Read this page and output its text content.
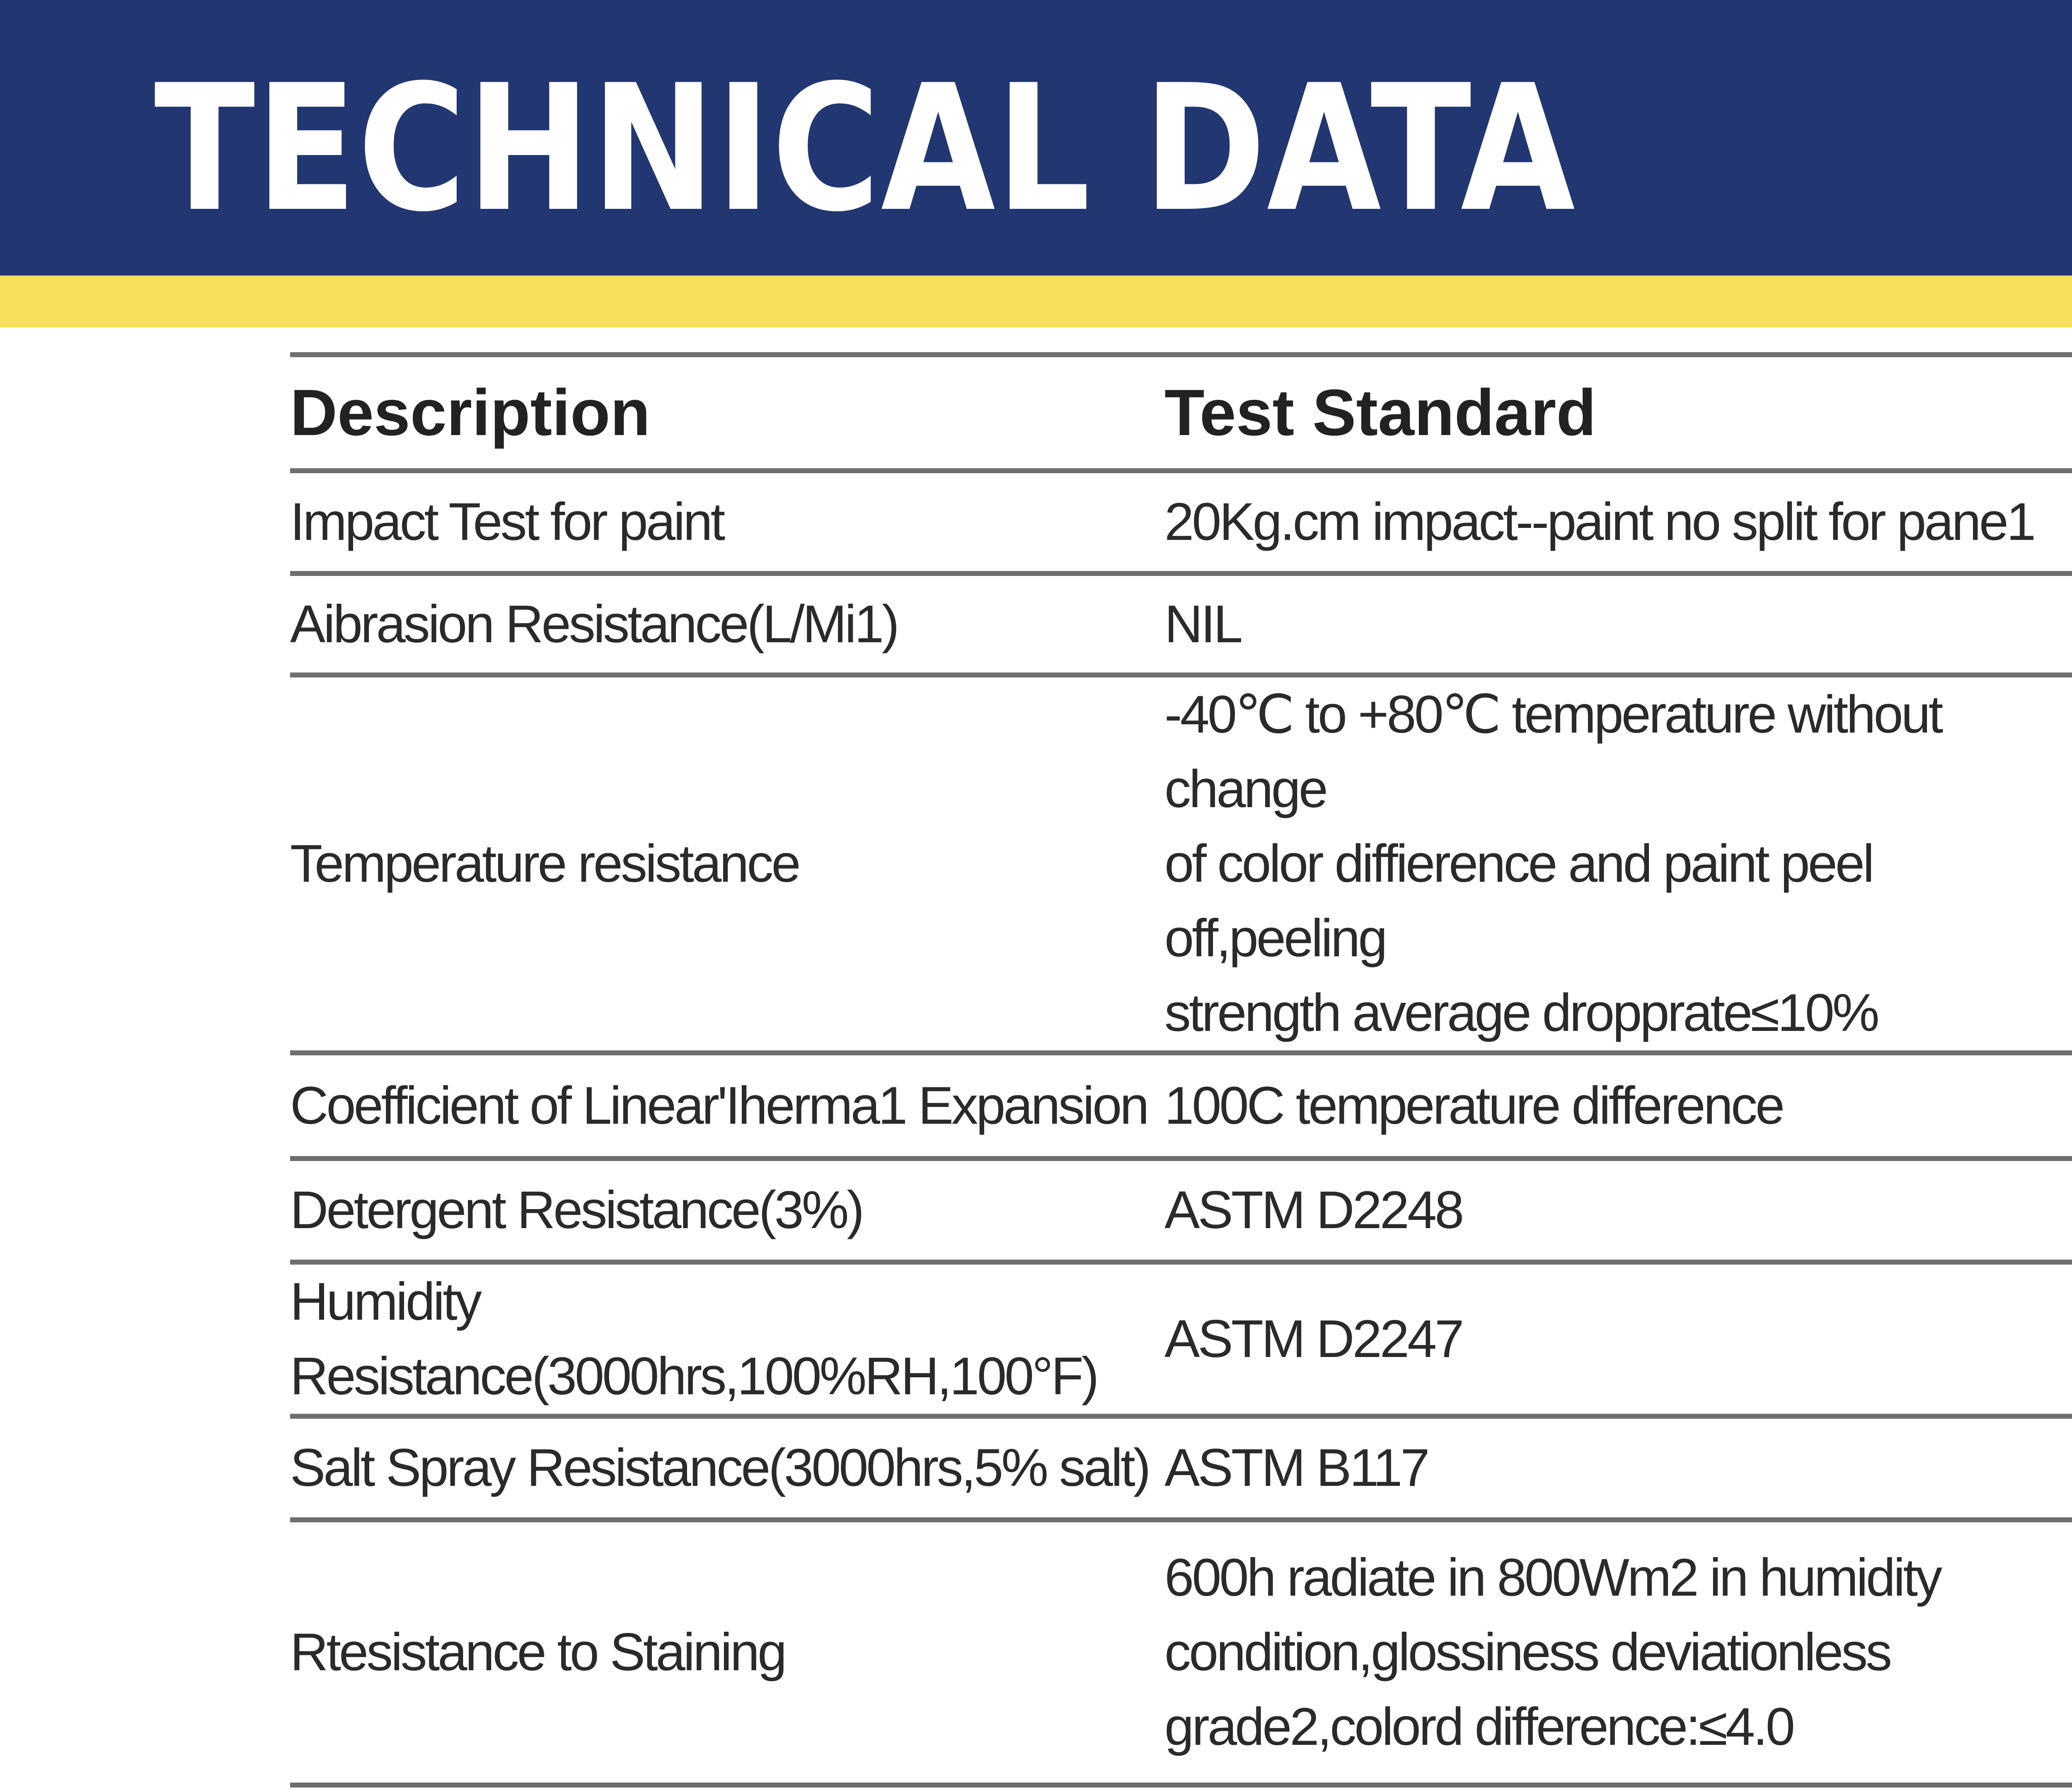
TECHNICAL DATA
Description	Test Standard	
Impact Test for paint	20Kg.cm impact--paint no split for pane1	
Aibrasion Resistance(L/Mi1)	NIL	
Temperature resistance	-40℃ to +80℃ temperature without change
of color diffierence and paint peel off,peeling
strength average dropprate≤10%	
Coefficient of Linear'Iherma1 Expansion	100C temperature difference	
Detergent Resistance(3%)	ASTM D2248	
Humidity Resistance(3000hrs,100%RH,100°F)	ASTM D2247	
Salt Spray Resistance(3000hrs,5% salt)	ASTM B117	
Rtesistance to Staining	600h radiate in 800Wm2 in humidity
condition,glossiness deviationless
grade2,colord difference:≤4.0	
